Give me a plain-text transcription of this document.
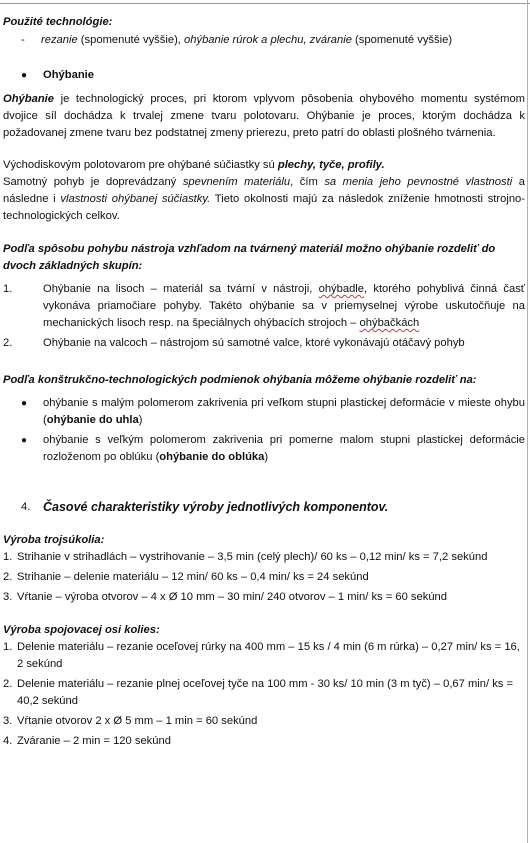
Použité technológie:

- rezanie (spomenuté vyššie), ohýbanie rúrok a plechu, zváranie (spomenuté vyššie)
● Ohýbanie

Ohýbanie je technologický proces, pri ktorom vplyvom pôsobenia ohybového momentu systémom dvojice síl dochádza k trvalej zmene tvaru polotovaru. Ohýbanie je proces, ktorým dochádza k požadovanej zmene tvaru bez podstatnej zmeny prierezu, preto patrí do oblasti plošného tvárnenia.

Východiskovým polotovarom pre ohýbané súčiastky sú plechy, tyče, profily.

Samotný pohyb je doprevádzaný spevnením materiálu, čím sa menia jeho pevnostné vlastnosti a následne i vlastnosti ohýbanej súčiastky. Tieto okolnosti majú za následok zníženie hmotnosti strojno-technologických celkov.

Podľa spôsobu pohybu nástroja vzhľadom na tvárnený materiál možno ohýbanie rozdeliť do dvoch základných skupín:

1.	Ohýbanie na lisoch – materiál sa tvární v nástroji, ohýbadle, ktorého pohyblivá činná časť vykonáva priamočiare pohyby. Takéto ohýbanie sa v priemyselnej výrobe uskutočňuje na mechanických lisoch resp. na špeciálnych ohýbacích strojoch – ohýbačkách
2.	Ohýbanie na valcoch – nástrojom sú samotné valce, ktoré vykonávajú otáčavý pohyb

Podľa konštrukčno-technologických podmienok ohýbania môžeme ohýbanie rozdeliť na:

● ohýbanie s malým polomerom zakrivenia pri veľkom stupni plastickej deformácie v mieste ohybu (ohýbanie do uhla)
● ohýbanie s veľkým polomerom zakrivenia pri pomerne malom stupni plastickej deformácie rozloženom po oblúku (ohýbanie do oblúka)
4. Časové charakteristiky výroby jednotlivých komponentov.

Výroba trojsúkolia:

1. Strihanie v strihadlách – vystrihovanie – 3,5 min (celý plech)/ 60 ks – 0,12 min/ ks = 7,2 sekúnd
2. Strihanie – delenie materiálu – 12 min/ 60 ks – 0,4 min/ ks = 24 sekúnd
3. Vŕtanie – výroba otvorov – 4 x Ø 10 mm – 30 min/ 240 otvorov – 1 min/ ks = 60 sekúnd

Výroba spojovacej osi kolies:

1. Delenie materiálu – rezanie oceľovej rúrky na 400 mm – 15 ks / 4 min (6 m rúrka) – 0,27 min/ ks = 16, 2 sekúnd
2. Delenie materiálu – rezanie plnej oceľovej tyče na 100 mm - 30 ks/ 10 min (3 m tyč) – 0,67 min/ ks = 40,2 sekúnd
3. Vŕtanie otvorov 2 x Ø 5 mm – 1 min = 60 sekúnd
4. Zváranie – 2 min = 120 sekúnd
